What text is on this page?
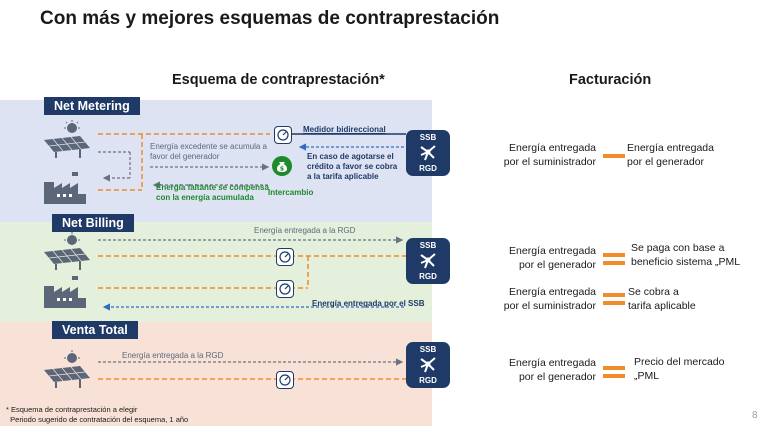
Con más y mejores esquemas de contraprestación
Esquema de contraprestación*	Facturación
Net Metering
Net Billing
Venta Total
$
Energía excedente se acumula a favor del generador
Energía faltante se compensa con la energía acumulada
Medidor bidireccional
En caso de agotarse el crédito a favor se cobra a la tarifa aplicable
Intercambio
Energía entregada a la RGD
Energía entregada por el SSB
Energía entregada a la RGD
SSB
RGD
SSB
RGD
SSB
RGD
Energía entregada
por el suministrador
Energía entregada
por el generador
Energía entregada
por el generador
Se paga con base a
beneficio sistema „PML
Energía entregada
por el suministrador
Se cobra a
tarifa aplicable
Energía entregada
por el generador
Precio del mercado
„PML
* Esquema de contraprestación a elegir
Periodo sugerido de contratación del esquema, 1 año	8
